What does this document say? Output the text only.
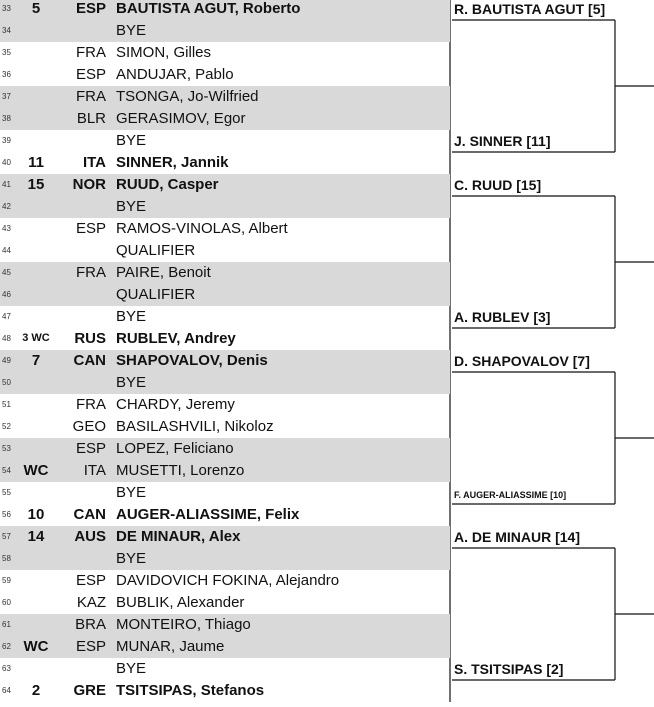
33	5	ESP BAUTISTA AGUT, Roberto
34	BYE
35	FRA SIMON, Gilles
36	ESP ANDUJAR, Pablo
37	FRA TSONGA, Jo-Wilfried
38	BLR GERASIMOV, Egor
39	BYE
40	11	ITA SINNER, Jannik
41	15	NOR RUUD, Casper
42	BYE
43	ESP RAMOS-VINOLAS, Albert
44	QUALIFIER
45	FRA PAIRE, Benoit
46	QUALIFIER
47	BYE
48	3 WC	RUS RUBLEV, Andrey
49	7	CAN SHAPOVALOV, Denis
50	BYE
51	FRA CHARDY, Jeremy
52	GEO BASILASHVILI, Nikoloz
53	ESP LOPEZ, Feliciano
54 WC	ITA MUSETTI, Lorenzo
55	BYE
56	10	CAN AUGER-ALIASSIME, Felix
57	14	AUS DE MINAUR, Alex
58	BYE
59	ESP DAVIDOVICH FOKINA, Alejandro
60	KAZ BUBLIK, Alexander
61	BRA MONTEIRO, Thiago
62 WC	ESP MUNAR, Jaume
63	BYE
64	2	GRE TSITSIPAS, Stefanos
R. BAUTISTA AGUT [5]
J. SINNER [11]
C. RUUD [15]
A. RUBLEV [3]
D. SHAPOVALOV [7]
F. AUGER-ALIASSIME [10]
A. DE MINAUR [14]
S. TSITSIPAS [2]
